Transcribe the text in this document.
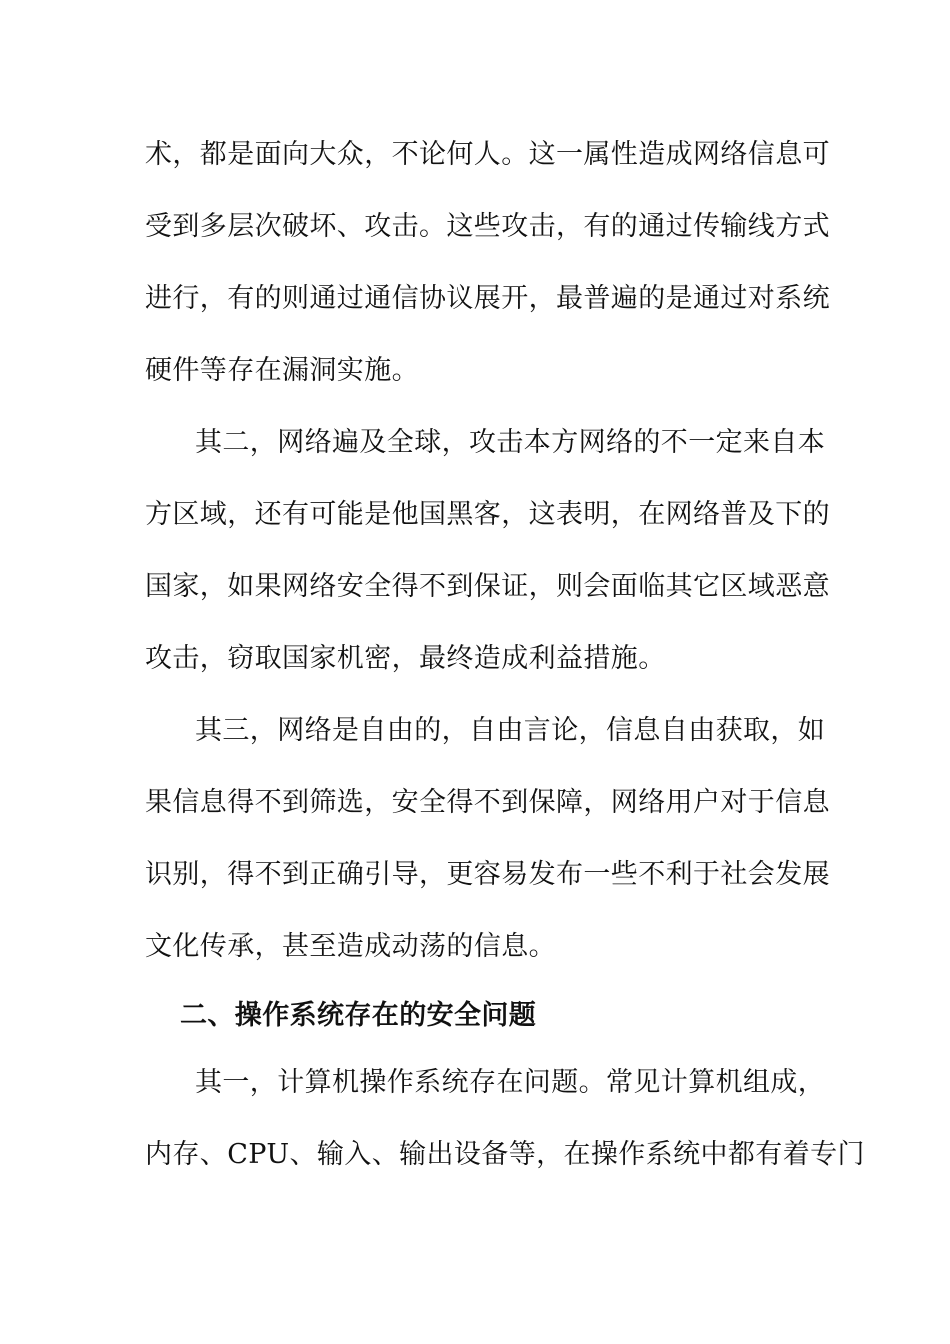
术，都是面向大众，不论何人。这一属性造成网络信息可
受到多层次破坏、攻击。这些攻击，有的通过传输线方式
进行，有的则通过通信协议展开，最普遍的是通过对系统
硬件等存在漏洞实施。
其二，网络遍及全球，攻击本方网络的不一定来自本
方区域，还有可能是他国黑客，这表明，在网络普及下的
国家，如果网络安全得不到保证，则会面临其它区域恶意
攻击，窃取国家机密，最终造成利益措施。
其三，网络是自由的，自由言论，信息自由获取，如
果信息得不到筛选，安全得不到保障，网络用户对于信息
识别，得不到正确引导，更容易发布一些不利于社会发展
文化传承，甚至造成动荡的信息。
二、操作系统存在的安全问题
其一，计算机操作系统存在问题。常见计算机组成，
内存、CPU、输入、输出设备等，在操作系统中都有着专门
